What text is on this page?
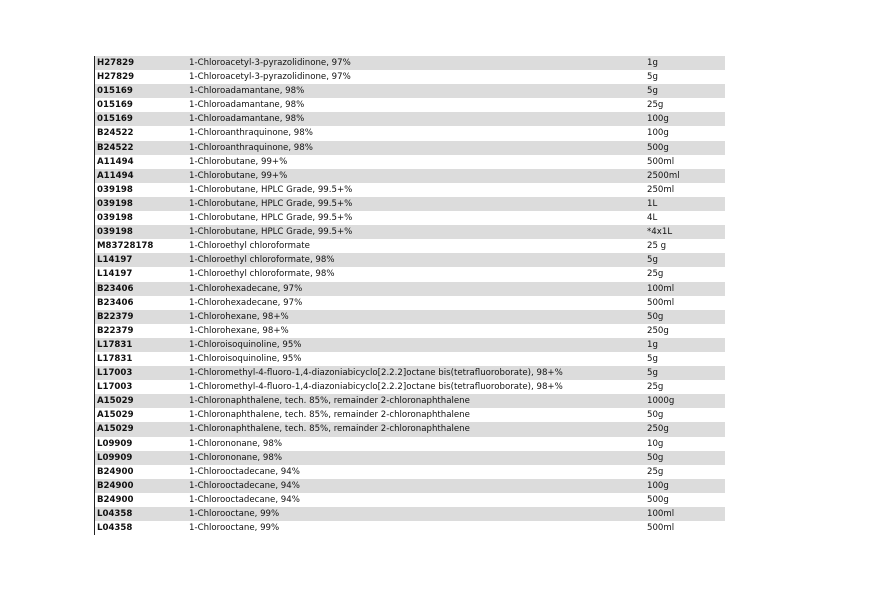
H27829	1-Chloroacetyl-3-pyrazolidinone, 97%	1g
H27829	1-Chloroacetyl-3-pyrazolidinone, 97%	5g
015169	1-Chloroadamantane, 98%	5g
015169	1-Chloroadamantane, 98%	25g
015169	1-Chloroadamantane, 98%	100g
B24522	1-Chloroanthraquinone, 98%	100g
B24522	1-Chloroanthraquinone, 98%	500g
A11494	1-Chlorobutane, 99+%	500ml
A11494	1-Chlorobutane, 99+%	2500ml
039198	1-Chlorobutane, HPLC Grade, 99.5+%	250ml
039198	1-Chlorobutane, HPLC Grade, 99.5+%	1L
039198	1-Chlorobutane, HPLC Grade, 99.5+%	4L
039198	1-Chlorobutane, HPLC Grade, 99.5+%	*4x1L
M83728178	1-Chloroethyl chloroformate	25 g
L14197	1-Chloroethyl chloroformate, 98%	5g
L14197	1-Chloroethyl chloroformate, 98%	25g
B23406	1-Chlorohexadecane, 97%	100ml
B23406	1-Chlorohexadecane, 97%	500ml
B22379	1-Chlorohexane, 98+%	50g
B22379	1-Chlorohexane, 98+%	250g
L17831	1-Chloroisoquinoline, 95%	1g
L17831	1-Chloroisoquinoline, 95%	5g
L17003	1-Chloromethyl-4-fluoro-1,4-diazoniabicyclo[2.2.2]octane bis(tetrafluoroborate), 98+%	5g
L17003	1-Chloromethyl-4-fluoro-1,4-diazoniabicyclo[2.2.2]octane bis(tetrafluoroborate), 98+%	25g
A15029	1-Chloronaphthalene, tech. 85%, remainder 2-chloronaphthalene	1000g
A15029	1-Chloronaphthalene, tech. 85%, remainder 2-chloronaphthalene	50g
A15029	1-Chloronaphthalene, tech. 85%, remainder 2-chloronaphthalene	250g
L09909	1-Chlorononane, 98%	10g
L09909	1-Chlorononane, 98%	50g
B24900	1-Chlorooctadecane, 94%	25g
B24900	1-Chlorooctadecane, 94%	100g
B24900	1-Chlorooctadecane, 94%	500g
L04358	1-Chlorooctane, 99%	100ml
L04358	1-Chlorooctane, 99%	500ml
